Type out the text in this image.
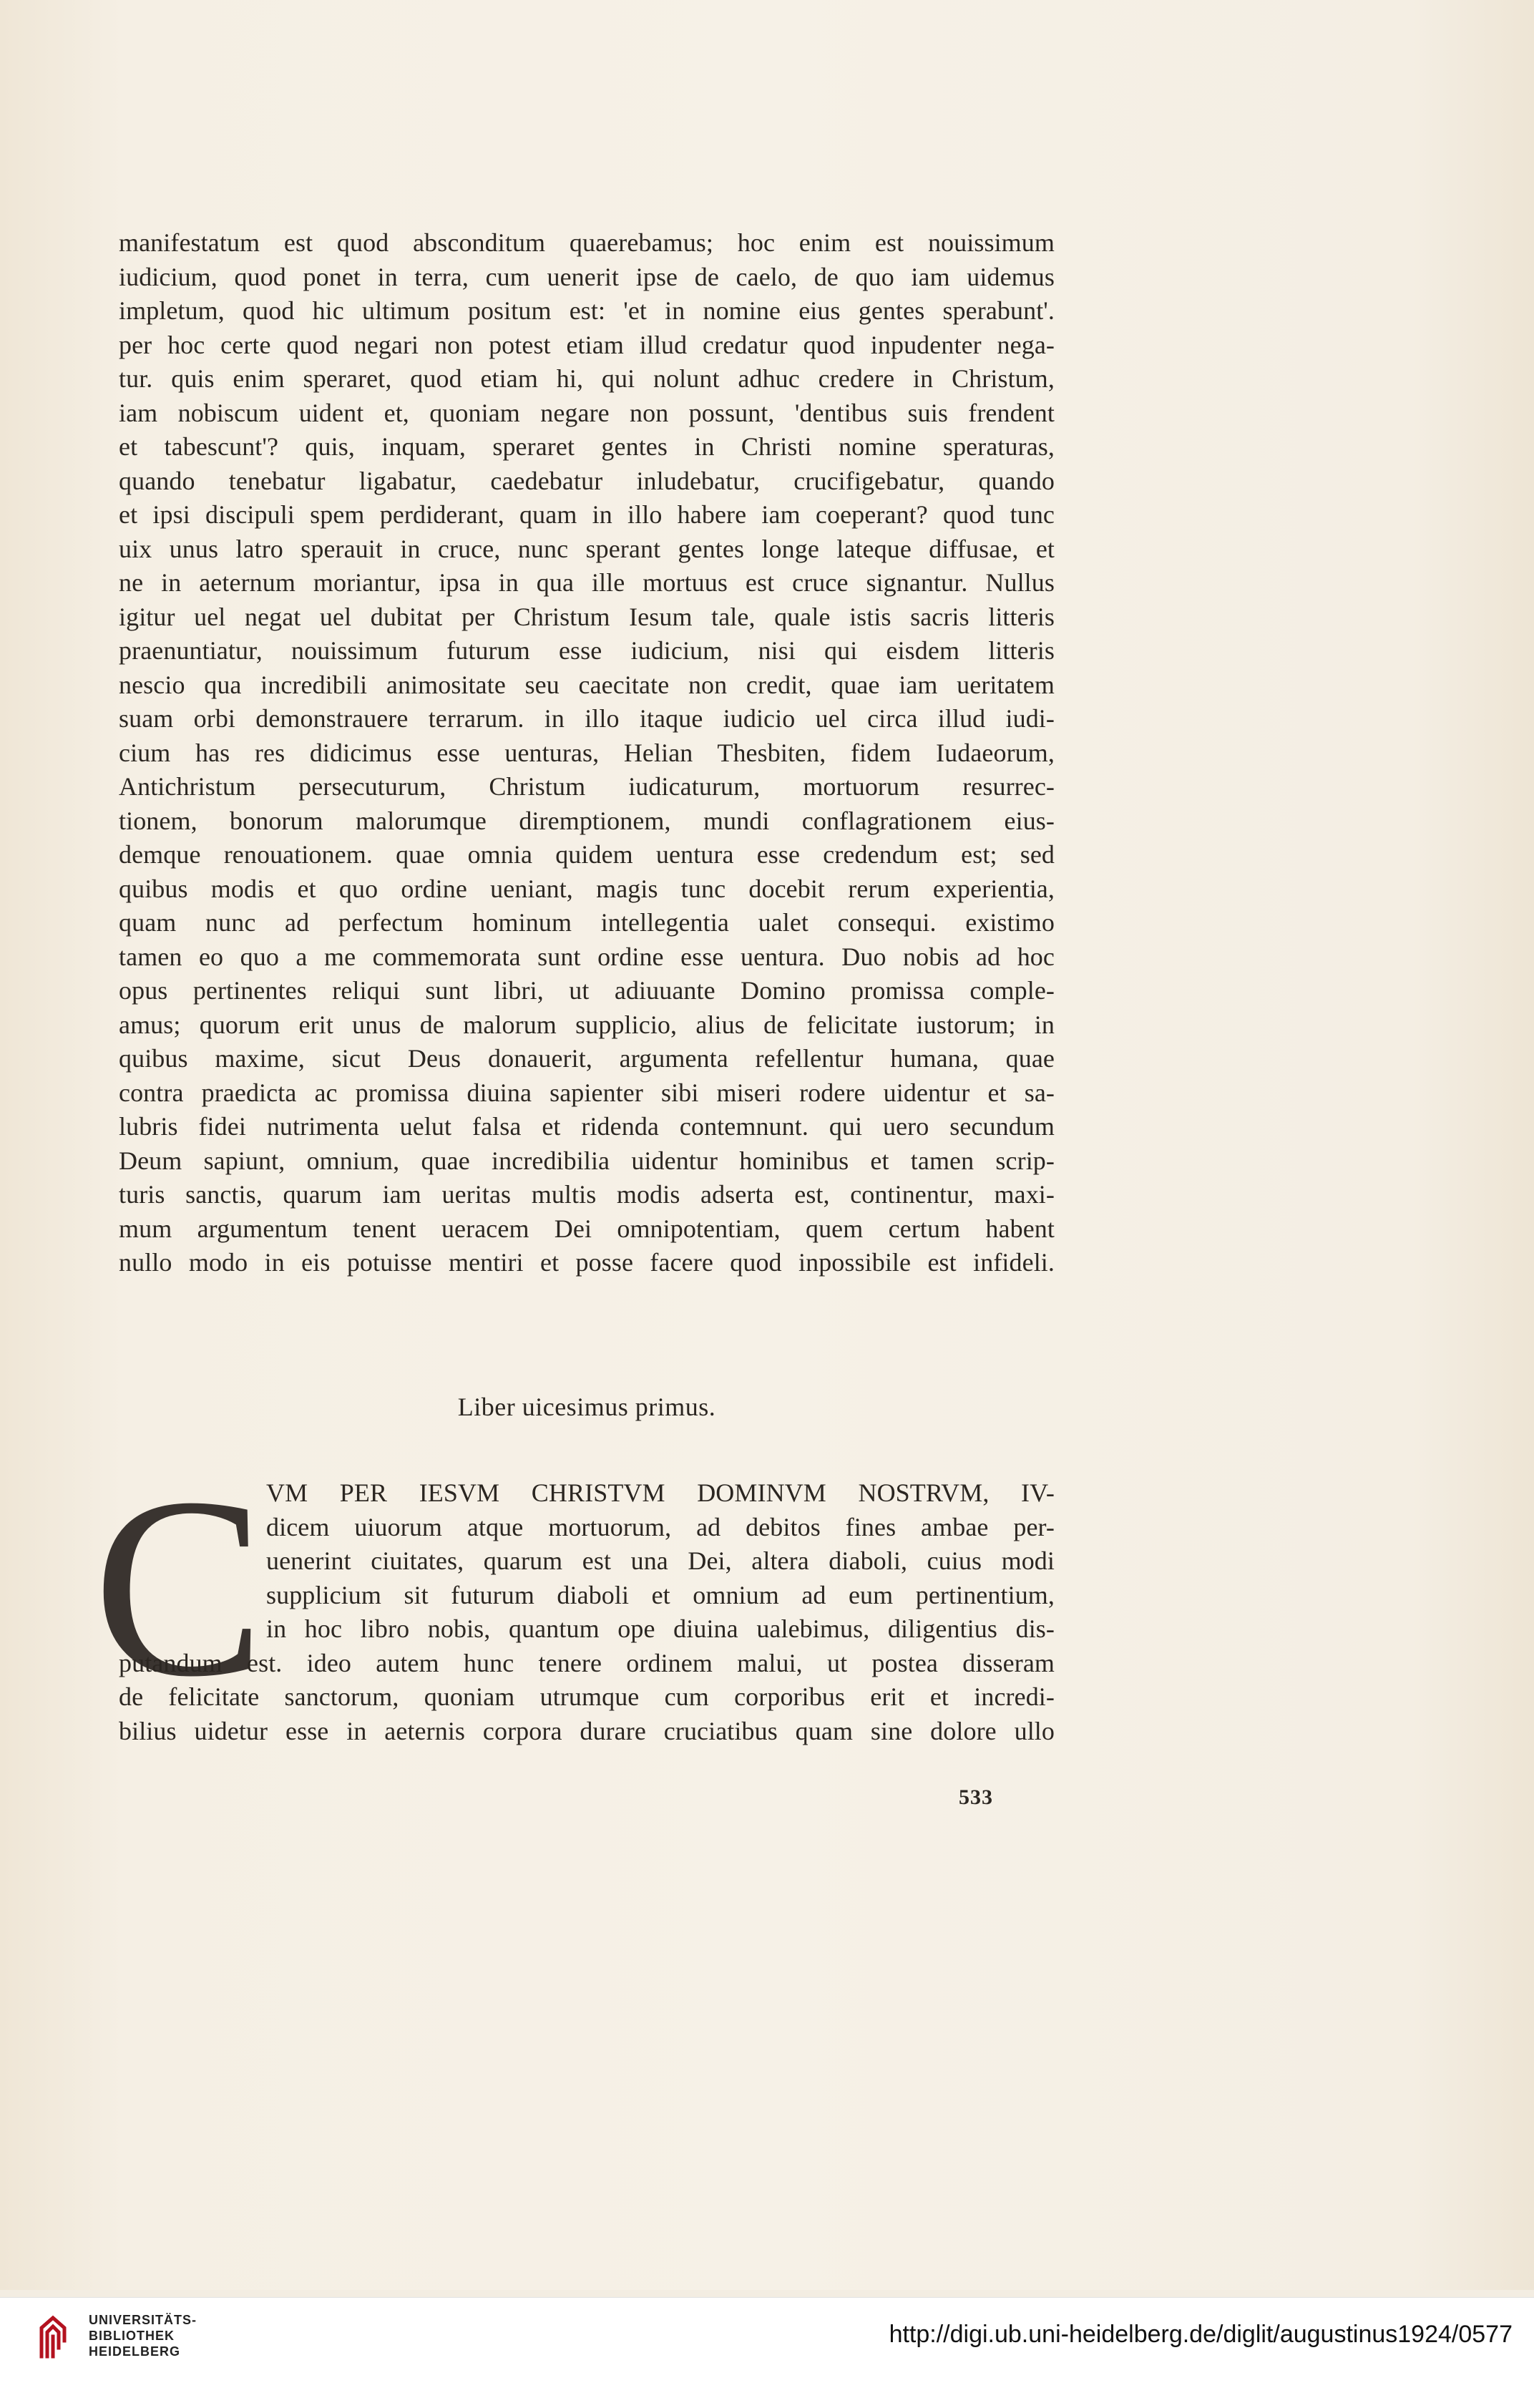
manifestatum est quod absconditum quaerebamus; hoc enim est nouissimum
iudicium, quod ponet in terra, cum uenerit ipse de caelo, de quo iam uidemus
impletum, quod hic ultimum positum est: 'et in nomine eius gentes sperabunt'.
per hoc certe quod negari non potest etiam illud credatur quod inpudenter nega-
tur. quis enim speraret, quod etiam hi, qui nolunt adhuc credere in Christum,
iam nobiscum uident et, quoniam negare non possunt, 'dentibus suis frendent
et tabescunt'? quis, inquam, speraret gentes in Christi nomine speraturas,
quando tenebatur ligabatur, caedebatur inludebatur, crucifigebatur, quando
et ipsi discipuli spem perdiderant, quam in illo habere iam coeperant? quod tunc
uix unus latro sperauit in cruce, nunc sperant gentes longe lateque diffusae, et
ne in aeternum moriantur, ipsa in qua ille mortuus est cruce signantur. Nullus
igitur uel negat uel dubitat per Christum Iesum tale, quale istis sacris litteris
praenuntiatur, nouissimum futurum esse iudicium, nisi qui eisdem litteris
nescio qua incredibili animositate seu caecitate non credit, quae iam ueritatem
suam orbi demonstrauere terrarum. in illo itaque iudicio uel circa illud iudi-
cium has res didicimus esse uenturas, Helian Thesbiten, fidem Iudaeorum,
Antichristum persecuturum, Christum iudicaturum, mortuorum resurrec-
tionem, bonorum malorumque diremptionem, mundi conflagrationem eius-
demque renouationem. quae omnia quidem uentura esse credendum est; sed
quibus modis et quo ordine ueniant, magis tunc docebit rerum experientia,
quam nunc ad perfectum hominum intellegentia ualet consequi. existimo
tamen eo quo a me commemorata sunt ordine esse uentura. Duo nobis ad hoc
opus pertinentes reliqui sunt libri, ut adiuuante Domino promissa comple-
amus; quorum erit unus de malorum supplicio, alius de felicitate iustorum; in
quibus maxime, sicut Deus donauerit, argumenta refellentur humana, quae
contra praedicta ac promissa diuina sapienter sibi miseri rodere uidentur et sa-
lubris fidei nutrimenta uelut falsa et ridenda contemnunt. qui uero secundum
Deum sapiunt, omnium, quae incredibilia uidentur hominibus et tamen scrip-
turis sanctis, quarum iam ueritas multis modis adserta est, continentur, maxi-
mum argumentum tenent ueracem Dei omnipotentiam, quem certum habent
nullo modo in eis potuisse mentiri et posse facere quod inpossibile est infideli.
Liber uicesimus primus.
C VM PER IESVM CHRISTVM DOMINVM NOSTRVM, IV-
dicem uiuorum atque mortuorum, ad debitos fines ambae per-
uenerint ciuitates, quarum est una Dei, altera diaboli, cuius modi
supplicium sit futurum diaboli et omnium ad eum pertinentium,
in hoc libro nobis, quantum ope diuina ualebimus, diligentius dis-
putandum est. ideo autem hunc tenere ordinem malui, ut postea disseram
de felicitate sanctorum, quoniam utrumque cum corporibus erit et incredi-
bilius uidetur esse in aeternis corpora durare cruciatibus quam sine dolore ullo
533
UNIVERSITÄTS-
BIBLIOTHEK
HEIDELBERG
http://digi.ub.uni-heidelberg.de/diglit/augustinus1924/0577
